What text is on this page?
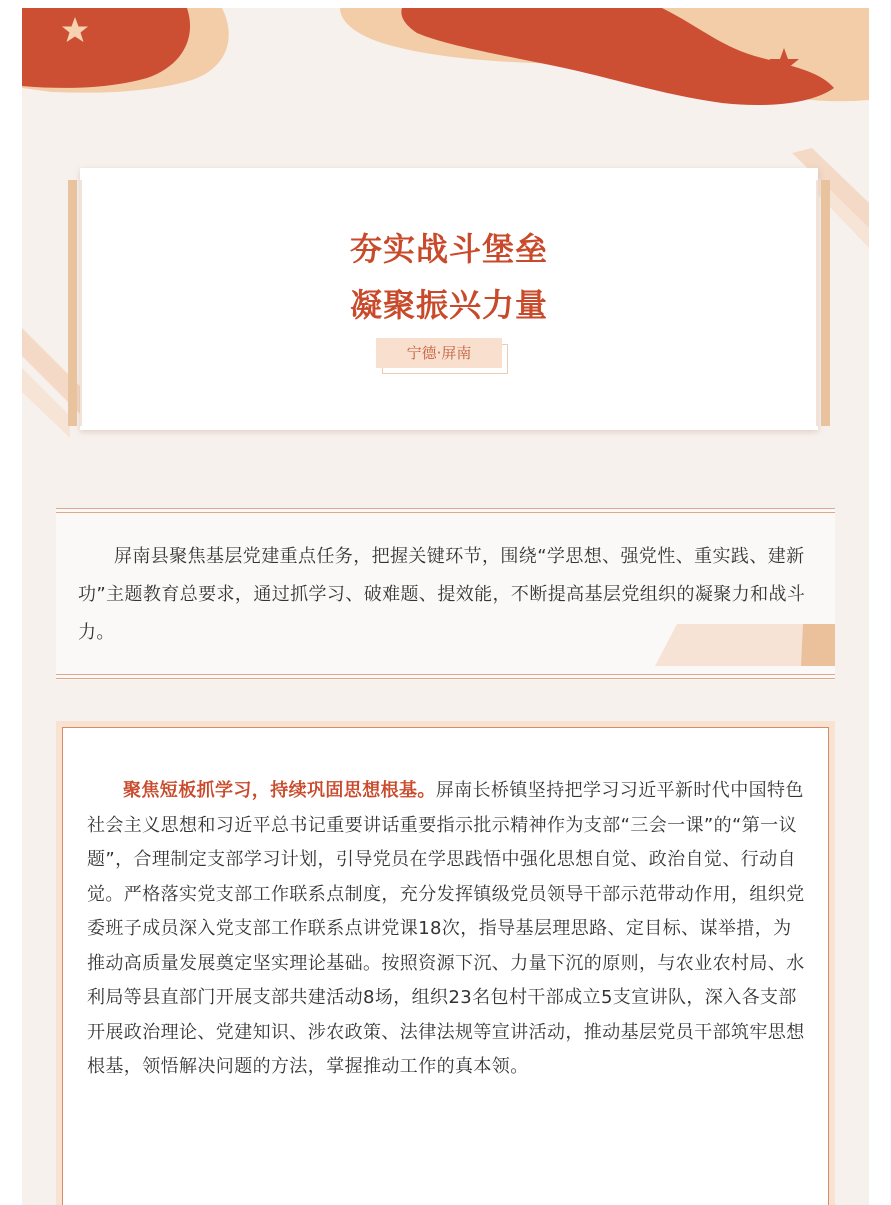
夯实战斗堡垒
凝聚振兴力量
宁德·屏南

屏南县聚焦基层党建重点任务，把握关键环节，围绕“学思想、强党性、重实践、建新功”主题教育总要求，通过抓学习、破难题、提效能，不断提高基层党组织的凝聚力和战斗力。

聚焦短板抓学习，持续巩固思想根基。屏南长桥镇坚持把学习习近平新时代中国特色社会主义思想和习近平总书记重要讲话重要指示批示精神作为支部“三会一课”的“第一议题”，合理制定支部学习计划，引导党员在学思践悟中强化思想自觉、政治自觉、行动自觉。严格落实党支部工作联系点制度，充分发挥镇级党员领导干部示范带动作用，组织党委班子成员深入党支部工作联系点讲党课18次，指导基层理思路、定目标、谋举措，为推动高质量发展奠定坚实理论基础。按照资源下沉、力量下沉的原则，与农业农村局、水利局等县直部门开展支部共建活动8场，组织23名包村干部成立5支宣讲队，深入各支部开展政治理论、党建知识、涉农政策、法律法规等宣讲活动，推动基层党员干部筑牢思想根基，领悟解决问题的方法，掌握推动工作的真本领。
